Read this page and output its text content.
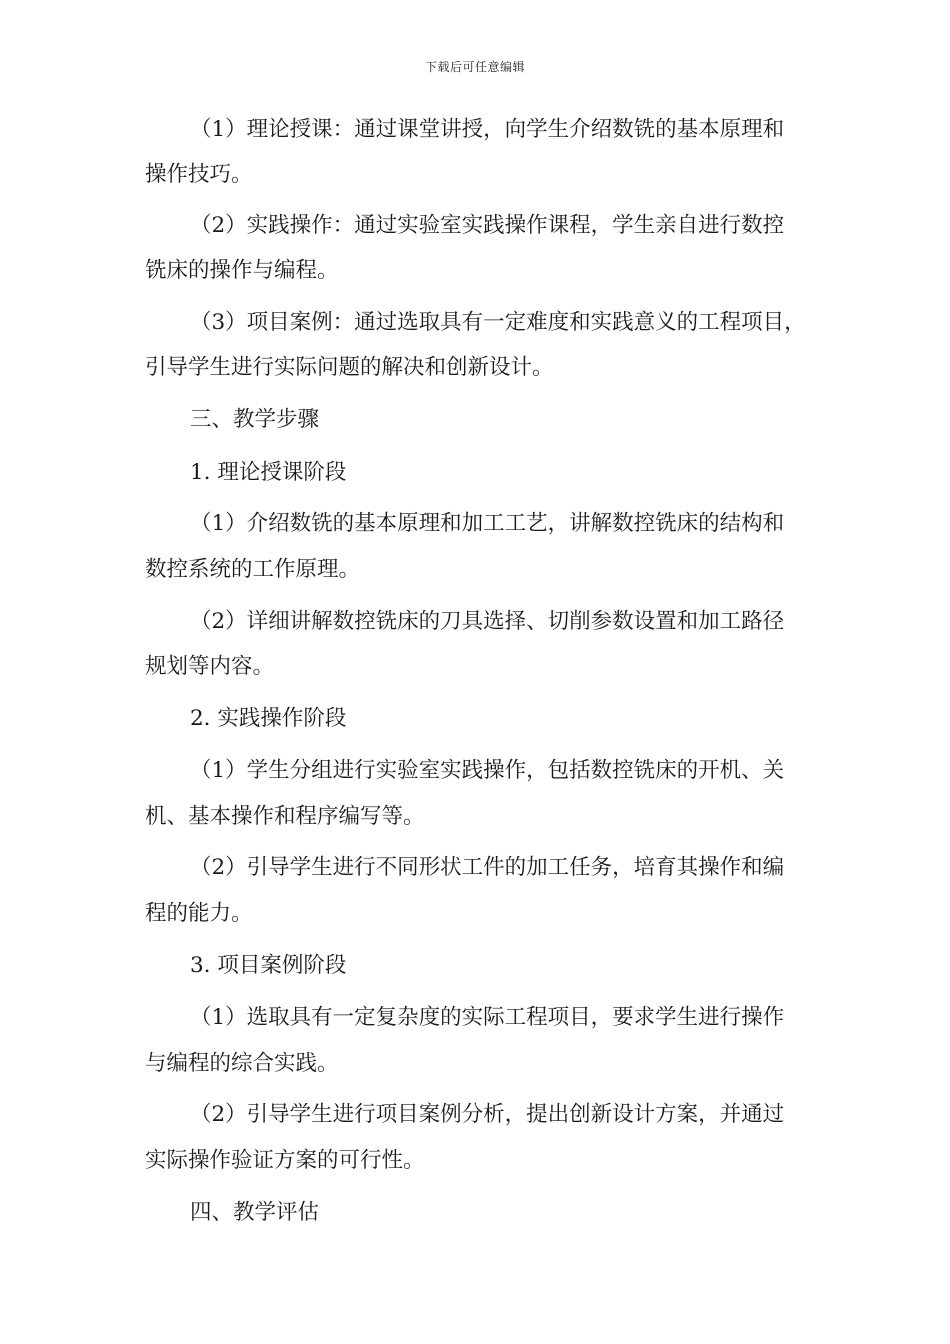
下载后可任意编辑
（1）理论授课：通过课堂讲授，向学生介绍数铣的基本原理和
操作技巧。
（2）实践操作：通过实验室实践操作课程，学生亲自进行数控
铣床的操作与编程。
（3）项目案例：通过选取具有一定难度和实践意义的工程项目，
引导学生进行实际问题的解决和创新设计。
三、教学步骤
1. 理论授课阶段
（1）介绍数铣的基本原理和加工工艺，讲解数控铣床的结构和
数控系统的工作原理。
（2）详细讲解数控铣床的刀具选择、切削参数设置和加工路径
规划等内容。
2. 实践操作阶段
（1）学生分组进行实验室实践操作，包括数控铣床的开机、关
机、基本操作和程序编写等。
（2）引导学生进行不同形状工件的加工任务，培育其操作和编
程的能力。
3. 项目案例阶段
（1）选取具有一定复杂度的实际工程项目，要求学生进行操作
与编程的综合实践。
（2）引导学生进行项目案例分析，提出创新设计方案，并通过
实际操作验证方案的可行性。
四、教学评估
